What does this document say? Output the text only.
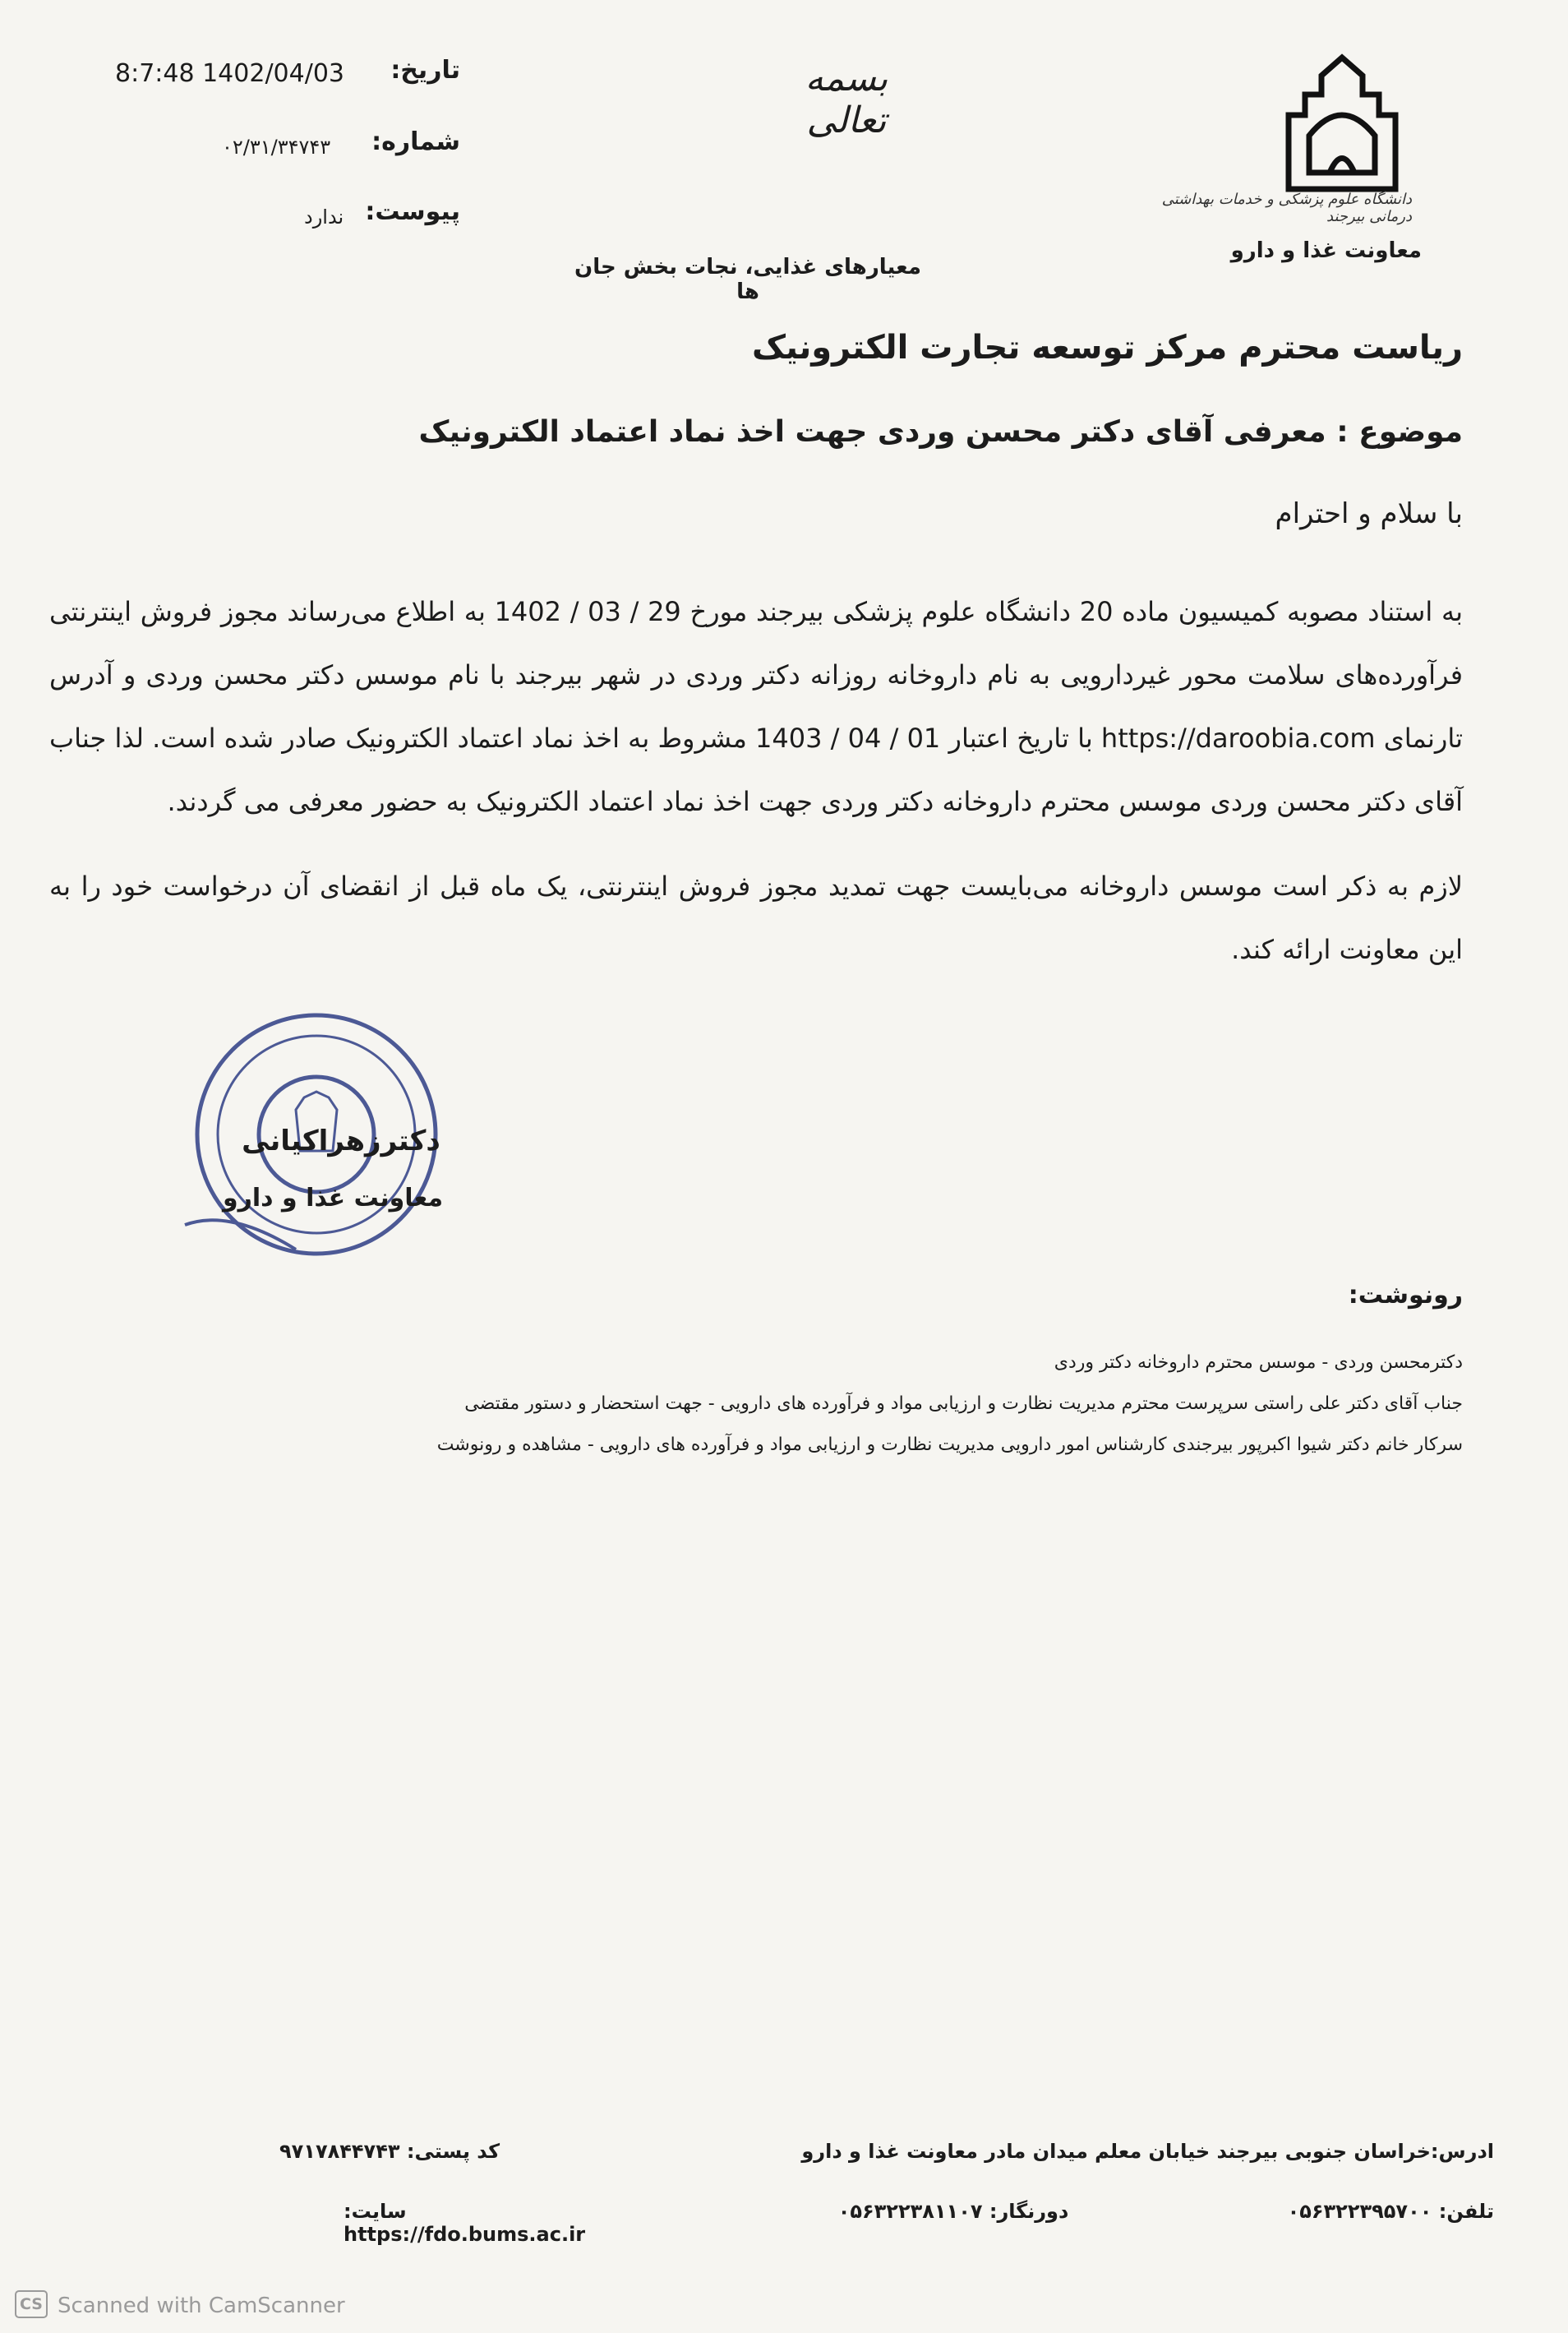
دانشگاه علوم پزشکی و خدمات بهداشتی درمانی بیرجند
معاونت غذا و دارو
بسمه تعالی
معیارهای غذایی، نجات بخش جان ها
تاریخ:
8:7:48 1402/04/03
شماره:
۰۲/۳۱/۳۴۷۴۳
پیوست:
ندارد
ریاست محترم مرکز توسعه تجارت الکترونیک
موضوع : معرفی آقای دکتر محسن وردی جهت اخذ نماد اعتماد الکترونیک
با سلام و احترام
به استناد مصوبه کمیسیون ماده 20 دانشگاه علوم پزشکی بیرجند مورخ 29 / 03 / 1402 به اطلاع می‌رساند مجوز فروش اینترنتی فرآورده‌های سلامت محور غیردارویی به نام داروخانه روزانه دکتر وردی در شهر بیرجند با نام موسس دکتر محسن وردی و آدرس تارنمای https://daroobia.com با تاریخ اعتبار 01 / 04 / 1403 مشروط به اخذ نماد اعتماد الکترونیک صادر شده است. لذا جناب آقای دکتر محسن وردی موسس محترم داروخانه دکتر وردی جهت اخذ نماد اعتماد الکترونیک به حضور معرفی می گردند.
لازم به ذکر است موسس داروخانه می‌بایست جهت تمدید مجوز فروش اینترنتی، یک ماه قبل از انقضای آن درخواست خود را به این معاونت ارائه کند.
دکترزهراکیانی
معاونت غذا و دارو
رونوشت:
دکترمحسن وردی - موسس محترم داروخانه دکتر وردی
جناب آقای دکتر علی راستی سرپرست محترم مدیریت نظارت و ارزیابی مواد و فرآورده های دارویی - جهت استحضار و دستور مقتضی
سرکار خانم دکتر شیوا اکبرپور بیرجندی کارشناس امور دارویی مدیریت نظارت و ارزیابی مواد و فرآورده های دارویی - مشاهده و رونوشت
ادرس:خراسان جنوبی بیرجند خیابان معلم میدان مادر معاونت غذا و دارو
کد پستی: ۹۷۱۷۸۴۴۷۴۳
تلفن: ۰۵۶۳۲۲۳۹۵۷۰۰
دورنگار: ۰۵۶۳۲۲۳۸۱۱۰۷
سایت: https://fdo.bums.ac.ir
CS Scanned with CamScanner
